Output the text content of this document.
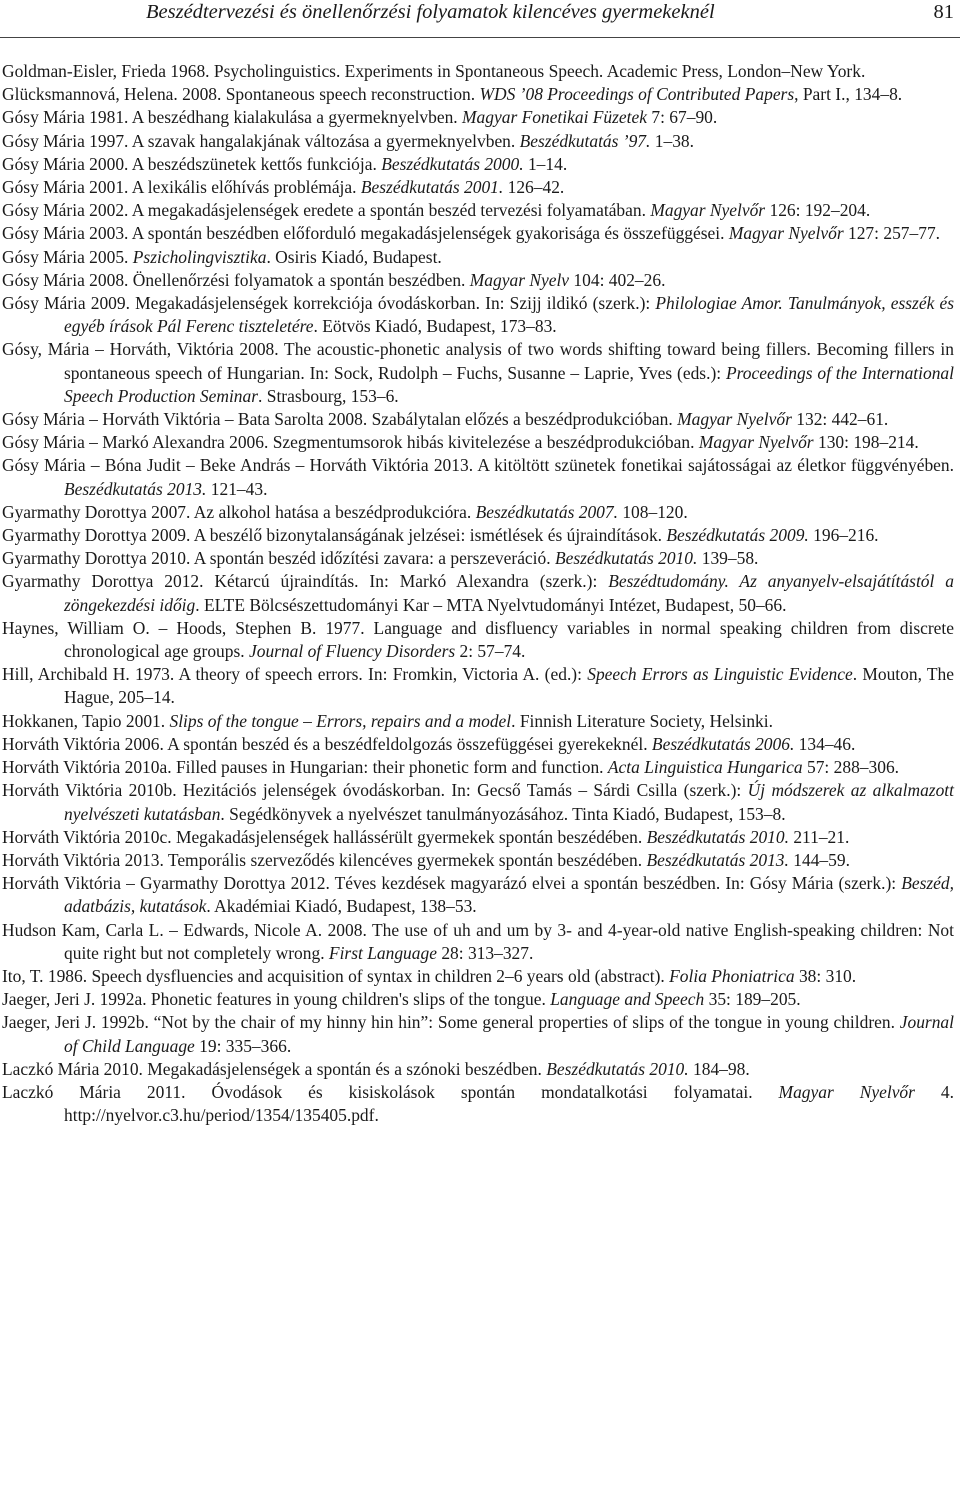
Beszédtervezési és önellenőrzési folyamatok kilencéves gyermekeknél	81
Goldman-Eisler, Frieda 1968. Psycholinguistics. Experiments in Spontaneous Speech. Academic Press, London–New York.
Glücksmannová, Helena. 2008. Spontaneous speech reconstruction. WDS ’08 Proceedings of Contributed Papers, Part I., 134–8.
Gósy Mária 1981. A beszédhang kialakulása a gyermeknyelvben. Magyar Fonetikai Füzetek 7: 67–90.
Gósy Mária 1997. A szavak hangalakjának változása a gyermeknyelvben. Beszédkutatás ’97. 1–38.
Gósy Mária 2000. A beszédszünetek kettős funkciója. Beszédkutatás 2000. 1–14.
Gósy Mária 2001. A lexikális előhívás problémája. Beszédkutatás 2001. 126–42.
Gósy Mária 2002. A megakadásjelenségek eredete a spontán beszéd tervezési folyamatában. Magyar Nyelvőr 126: 192–204.
Gósy Mária 2003. A spontán beszédben előforduló megakadásjelenségek gyakorisága és összefüggései. Magyar Nyelvőr 127: 257–77.
Gósy Mária 2005. Pszicholingvisztika. Osiris Kiadó, Budapest.
Gósy Mária 2008. Önellenőrzési folyamatok a spontán beszédben. Magyar Nyelv 104: 402–26.
Gósy Mária 2009. Megakadásjelenségek korrekciója óvodáskorban. In: Szijj ildikó (szerk.): Philologiae Amor. Tanulmányok, esszék és egyéb írások Pál Ferenc tiszteletére. Eötvös Kiadó, Budapest, 173–83.
Gósy, Mária – Horváth, Viktória 2008. The acoustic-phonetic analysis of two words shifting toward being fillers. Becoming fillers in spontaneous speech of Hungarian. In: Sock, Rudolph – Fuchs, Susanne – Laprie, Yves (eds.): Proceedings of the International Speech Production Seminar. Strasbourg, 153–6.
Gósy Mária – Horváth Viktória – Bata Sarolta 2008. Szabálytalan előzés a beszédprodukcióban. Magyar Nyelvőr 132: 442–61.
Gósy Mária – Markó Alexandra 2006. Szegmentumsorok hibás kivitelezése a beszédprodukcióban. Magyar Nyelvőr 130: 198–214.
Gósy Mária – Bóna Judit – Beke András – Horváth Viktória 2013. A kitöltött szünetek fonetikai sajátosságai az életkor függvényében. Beszédkutatás 2013. 121–43.
Gyarmathy Dorottya 2007. Az alkohol hatása a beszédprodukcióra. Beszédkutatás 2007. 108–120.
Gyarmathy Dorottya 2009. A beszélő bizonytalanságának jelzései: ismétlések és újraindítások. Beszédkutatás 2009. 196–216.
Gyarmathy Dorottya 2010. A spontán beszéd időzítési zavara: a perszeveráció. Beszédkutatás 2010. 139–58.
Gyarmathy Dorottya 2012. Kétarcú újraindítás. In: Markó Alexandra (szerk.): Beszédtudomány. Az anyanyelv-elsajátítástól a zöngekezdési időig. ELTE Bölcsészettudományi Kar – MTA Nyelvtudományi Intézet, Budapest, 50–66.
Haynes, William O. – Hoods, Stephen B. 1977. Language and disfluency variables in normal speaking children from discrete chronological age groups. Journal of Fluency Disorders 2: 57–74.
Hill, Archibald H. 1973. A theory of speech errors. In: Fromkin, Victoria A. (ed.): Speech Errors as Linguistic Evidence. Mouton, The Hague, 205–14.
Hokkanen, Tapio 2001. Slips of the tongue – Errors, repairs and a model. Finnish Literature Society, Helsinki.
Horváth Viktória 2006. A spontán beszéd és a beszédfeldolgozás összefüggései gyerekeknél. Beszédkutatás 2006. 134–46.
Horváth Viktória 2010a. Filled pauses in Hungarian: their phonetic form and function. Acta Linguistica Hungarica 57: 288–306.
Horváth Viktória 2010b. Hezitációs jelenségek óvodáskorban. In: Gecső Tamás – Sárdi Csilla (szerk.): Új módszerek az alkalmazott nyelvészeti kutatásban. Segédkönyvek a nyelvészet tanulmányozásához. Tinta Kiadó, Budapest, 153–8.
Horváth Viktória 2010c. Megakadásjelenségek hallássérült gyermekek spontán beszédében. Beszédkutatás 2010. 211–21.
Horváth Viktória 2013. Temporális szerveződés kilencéves gyermekek spontán beszédében. Beszédkutatás 2013. 144–59.
Horváth Viktória – Gyarmathy Dorottya 2012. Téves kezdések magyarázó elvei a spontán beszédben. In: Gósy Mária (szerk.): Beszéd, adatbázis, kutatások. Akadémiai Kiadó, Budapest, 138–53.
Hudson Kam, Carla L. – Edwards, Nicole A. 2008. The use of uh and um by 3- and 4-year-old native English-speaking children: Not quite right but not completely wrong. First Language 28: 313–327.
Ito, T. 1986. Speech dysfluencies and acquisition of syntax in children 2–6 years old (abstract). Folia Phoniatrica 38: 310.
Jaeger, Jeri J. 1992a. Phonetic features in young children's slips of the tongue. Language and Speech 35: 189–205.
Jaeger, Jeri J. 1992b. “Not by the chair of my hinny hin hin”: Some general properties of slips of the tongue in young children. Journal of Child Language 19: 335–366.
Laczkó Mária 2010. Megakadásjelenségek a spontán és a szónoki beszédben. Beszédkutatás 2010. 184–98.
Laczkó Mária 2011. Óvodások és kisiskolások spontán mondatalkotási folyamatai. Magyar Nyelvőr 4. http://nyelvor.c3.hu/period/1354/135405.pdf.
